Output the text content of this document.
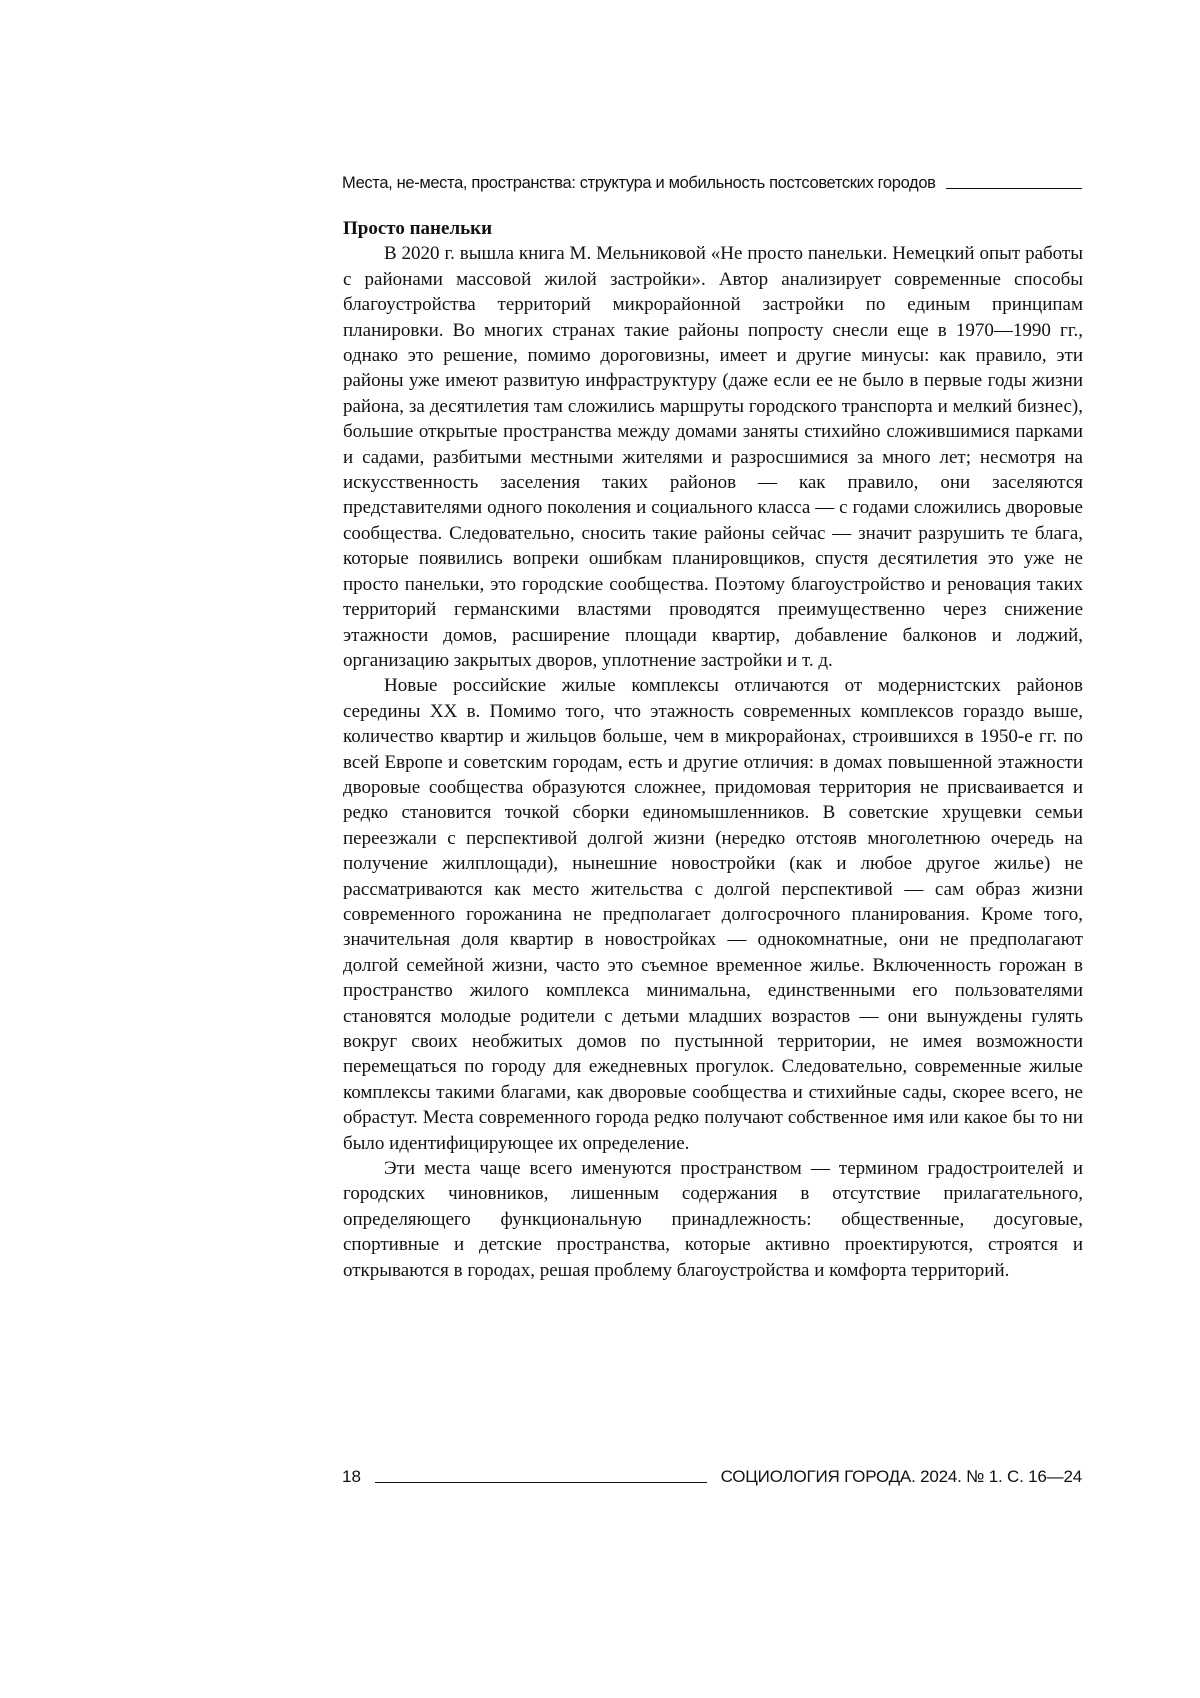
Места, не-места, пространства: структура и мобильность постсоветских городов
Просто панельки

В 2020 г. вышла книга М. Мельниковой «Не просто панельки. Немецкий опыт работы с районами массовой жилой застройки». Автор анализирует современные способы благоустройства территорий микрорайонной застройки по единым принципам планировки. Во многих странах такие районы попросту снесли еще в 1970—1990 гг., однако это решение, помимо дороговизны, имеет и другие минусы: как правило, эти районы уже имеют развитую инфраструктуру (даже если ее не было в первые годы жизни района, за десятилетия там сложились маршруты городского транспорта и мелкий бизнес), большие открытые пространства между домами заняты стихийно сложившимися парками и садами, разбитыми местными жителями и разросшимися за много лет; несмотря на искусственность заселения таких районов — как правило, они заселяются представителями одного поколения и социального класса — с годами сложились дворовые сообщества. Следовательно, сносить такие районы сейчас — значит разрушить те блага, которые появились вопреки ошибкам планировщиков, спустя десятилетия это уже не просто панельки, это городские сообщества. Поэтому благоустройство и реновация таких территорий германскими властями проводятся преимущественно через снижение этажности домов, расширение площади квартир, добавление балконов и лоджий, организацию закрытых дворов, уплотнение застройки и т. д.

Новые российские жилые комплексы отличаются от модернистских районов середины XX в. Помимо того, что этажность современных комплексов гораздо выше, количество квартир и жильцов больше, чем в микрорайонах, строившихся в 1950-е гг. по всей Европе и советским городам, есть и другие отличия: в домах повышенной этажности дворовые сообщества образуются сложнее, придомовая территория не присваивается и редко становится точкой сборки единомышленников. В советские хрущевки семьи переезжали с перспективой долгой жизни (нередко отстояв многолетнюю очередь на получение жилплощади), нынешние новостройки (как и любое другое жилье) не рассматриваются как место жительства с долгой перспективой — сам образ жизни современного горожанина не предполагает долгосрочного планирования. Кроме того, значительная доля квартир в новостройках — однокомнатные, они не предполагают долгой семейной жизни, часто это съемное временное жилье. Включенность горожан в пространство жилого комплекса минимальна, единственными его пользователями становятся молодые родители с детьми младших возрастов — они вынуждены гулять вокруг своих необжитых домов по пустынной территории, не имея возможности перемещаться по городу для ежедневных прогулок. Следовательно, современные жилые комплексы такими благами, как дворовые сообщества и стихийные сады, скорее всего, не обрастут. Места современного города редко получают собственное имя или какое бы то ни было идентифицирующее их определение.

Эти места чаще всего именуются пространством — термином градостроителей и городских чиновников, лишенным содержания в отсутствие прилагательного, определяющего функциональную принадлежность: общественные, досуговые, спортивные и детские пространства, которые активно проектируются, строятся и открываются в городах, решая проблему благоустройства и комфорта территорий.

18	СОЦИОЛОГИЯ ГОРОДА. 2024. № 1. С. 16—24
